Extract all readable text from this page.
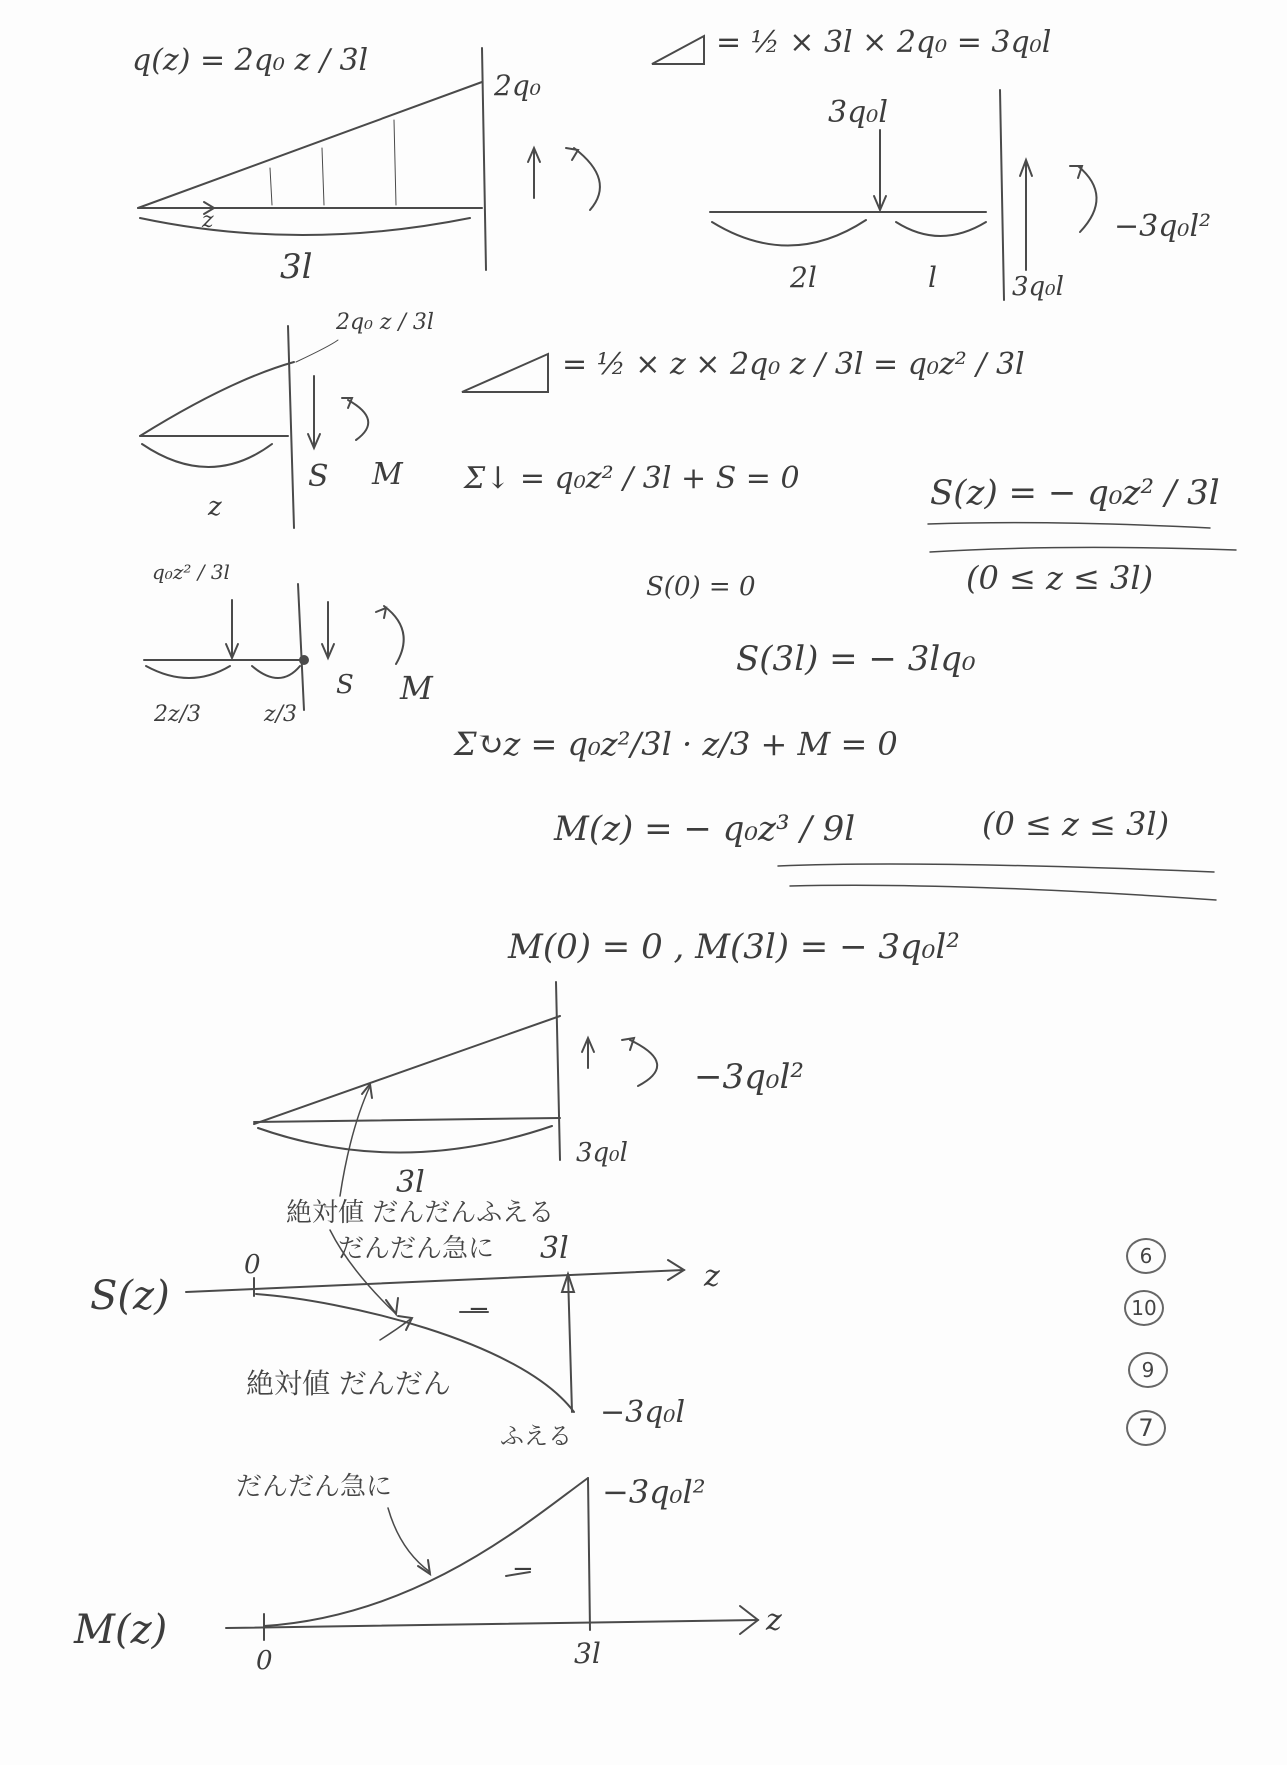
q(z) = 2q₀ z / 3l
2q₀
z
3l
= ½ × 3l × 2q₀ = 3q₀l
3q₀l
2l	l	3q₀l
−3q₀l²
2q₀ z / 3l
S M
z
= ½ × z × 2q₀ z / 3l = q₀z² / 3l
Σ↓ = q₀z² / 3l + S = 0	S(z) = − q₀z² / 3l
(0 ≤ z ≤ 3l)
S(0) = 0
S(3l) = − 3lq₀
q₀z² / 3l
2z/3	z/3
S M
Σ↻z = q₀z²/3l · z/3 + M = 0
M(z) = − q₀z³ / 9l	(0 ≤ z ≤ 3l)
M(0) = 0 , M(3l) = − 3q₀l²
−3q₀l²
3q₀l
3l
絶対値 だんだんふえる
だんだん急に 3l
S(z)
0	z
−
絶対値 だんだん
ふえる
−3q₀l
だんだん急に	−3q₀l²
−
M(z)	z
0	3l
6
10
9
7
